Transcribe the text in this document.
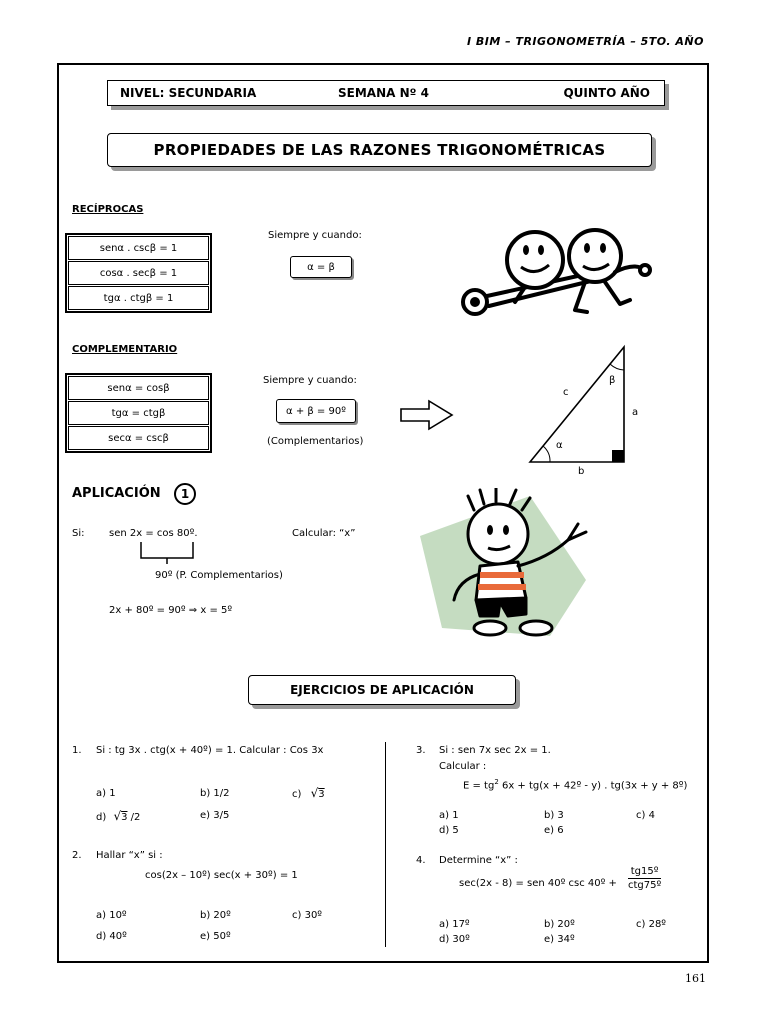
I BIM – TRIGONOMETRÍA – 5TO. AÑO
NIVEL: SECUNDARIA	SEMANA Nº 4	QUINTO AÑO
PROPIEDADES DE LAS RAZONES TRIGONOMÉTRICAS
RECÍPROCAS
senα . cscβ = 1
cosα . secβ = 1
tgα . ctgβ = 1
Siempre y cuando:
α = β
COMPLEMENTARIO
senα = cosβ
tgα = ctgβ
secα = cscβ
Siempre y cuando:
α + β = 90º
(Complementarios)
c
a
b
α
β
APLICACIÓN 1
Si: sen 2x = cos 80º.	Calcular: “x”
90º (P. Complementarios)
2x + 80º = 90º ⇒ x = 5º
EJERCICIOS DE APLICACIÓN
1. Si : tg 3x . ctg(x + 40º) = 1. Calcular : Cos 3x
a) 1	b) 1/2	c) √3
d) √3 /2	e) 3/5
2. Hallar “x” si :
cos(2x – 10º) sec(x + 30º) = 1
a) 10º	b) 20º	c) 30º
d) 40º	e) 50º
3. Si : sen 7x sec 2x = 1.
Calcular :
$E = tg^2$ 6x + tg(x + 42º - y) . tg(3x + y + 8º)
a) 1	b) 3	c) 4
d) 5	e) 6
4. Determine “x” :
sec(2x - 8) = sen 40º csc 40º +
tg15º
ctg75º
a) 17º	b) 20º	c) 28º
d) 30º	e) 34º
161
